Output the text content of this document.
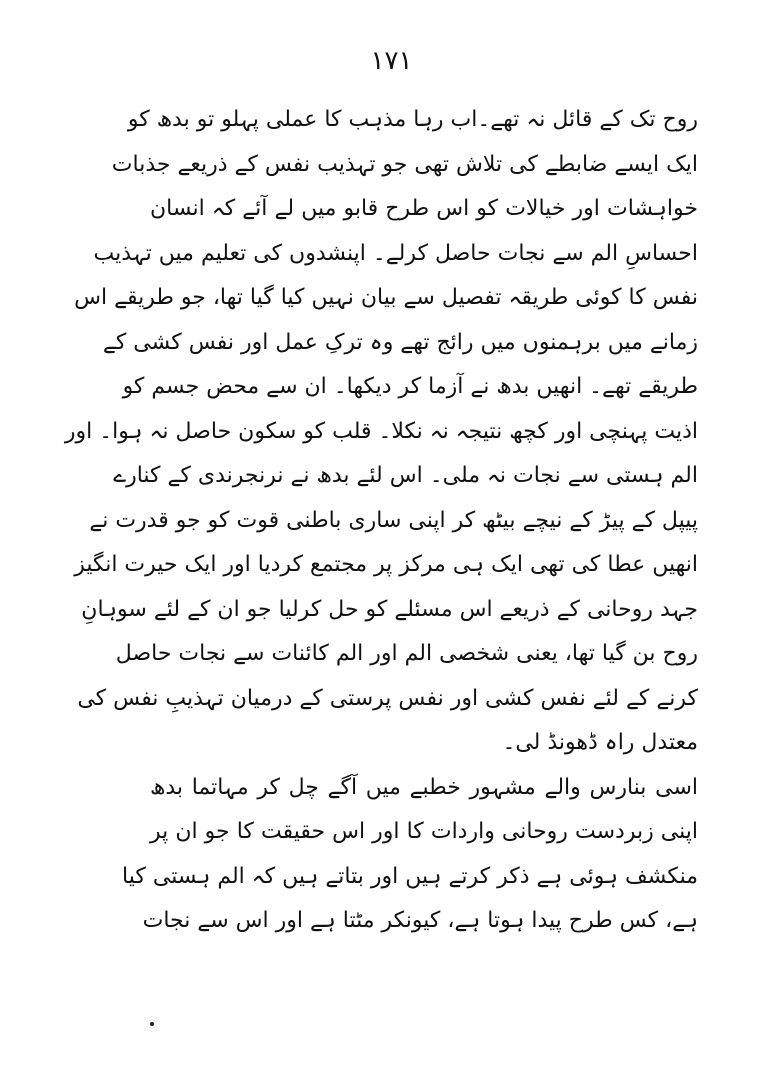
۱۷۱
روح تک کے قائل نہ تھے۔اب رہا مذہب کا عملی پہلو تو بدھ کو
ایک ایسے ضابطے کی تلاش تھی جو تہذیب نفس کے ذریعے جذبات
خواہشات اور خیالات کو اس طرح قابو میں لے آئے کہ انسان
احساسِ الم سے نجات حاصل کرلے۔ اپنشدوں کی تعلیم میں تہذیب
نفس کا کوئی طریقہ تفصیل سے بیان نہیں کیا گیا تھا، جو طریقے اس
زمانے میں برہمنوں میں رائج تھے وہ ترکِ عمل اور نفس کشی کے
طریقے تھے۔ انھیں بدھ نے آزما کر دیکھا۔ ان سے محض جسم کو
اذیت پہنچی اور کچھ نتیجہ نہ نکلا۔ قلب کو سکون حاصل نہ ہوا۔ اور
الم ہستی سے نجات نہ ملی۔ اس لئے بدھ نے نرنجرندی کے کنارے
پیپل کے پیڑ کے نیچے بیٹھ کر اپنی ساری باطنی قوت کو جو قدرت نے
انھیں عطا کی تھی ایک ہی مرکز پر مجتمع کردیا اور ایک حیرت انگیز
جہد روحانی کے ذریعے اس مسئلے کو حل کرلیا جو ان کے لئے سوہانِ
روح بن گیا تھا، یعنی شخصی الم اور الم کائنات سے نجات حاصل
کرنے کے لئے نفس کشی اور نفس پرستی کے درمیان تہذیبِ نفس کی
معتدل راہ ڈھونڈ لی۔
اسی بنارس والے مشہور خطبے میں آگے چل کر مہاتما بدھ
اپنی زبردست روحانی واردات کا اور اس حقیقت کا جو ان پر
منکشف ہوئی ہے ذکر کرتے ہیں اور بتاتے ہیں کہ الم ہستی کیا
ہے، کس طرح پیدا ہوتا ہے، کیونکر مٹتا ہے اور اس سے نجات
